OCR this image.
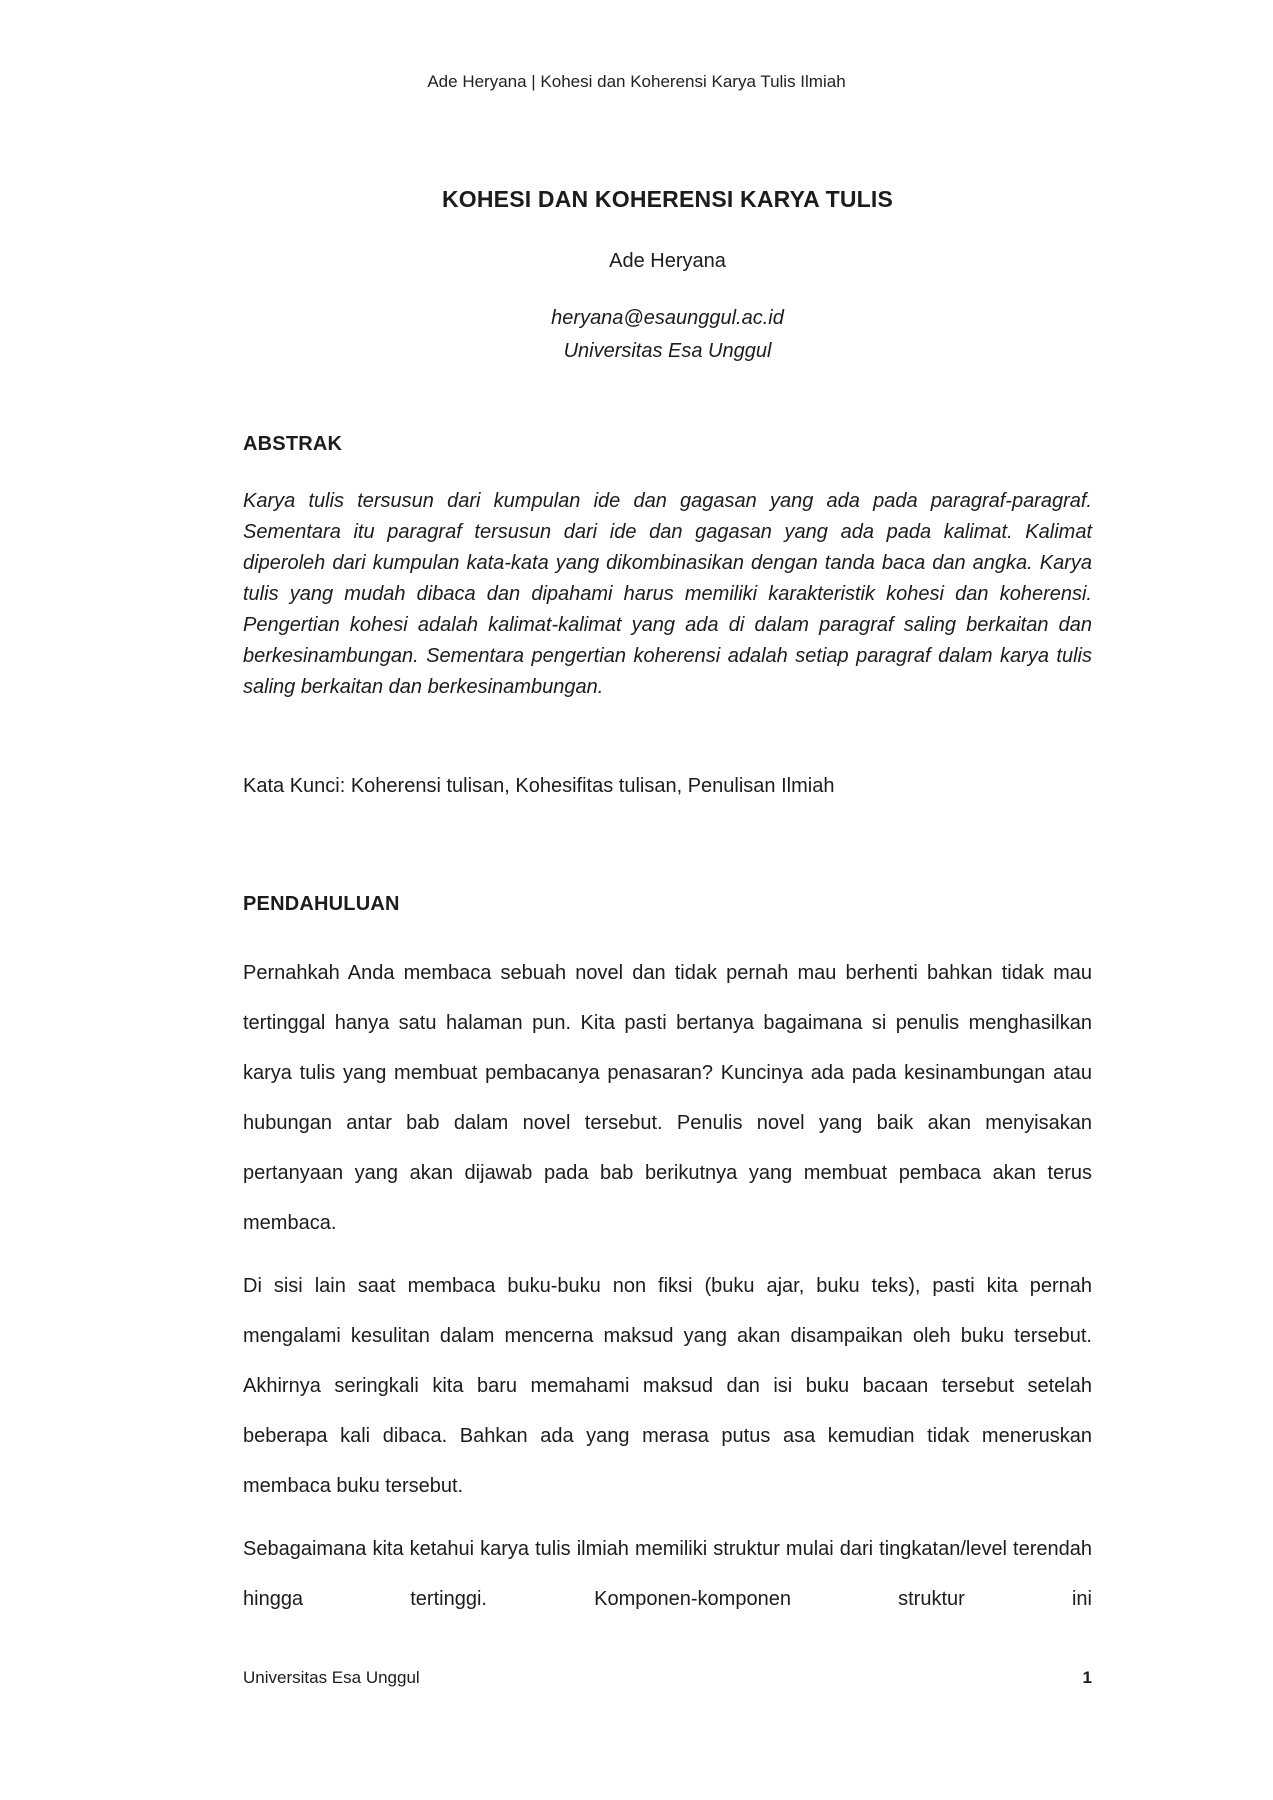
Ade Heryana | Kohesi dan Koherensi Karya Tulis Ilmiah
KOHESI DAN KOHERENSI KARYA TULIS
Ade Heryana
heryana@esaunggul.ac.id
Universitas Esa Unggul
ABSTRAK
Karya tulis tersusun dari kumpulan ide dan gagasan yang ada pada paragraf-paragraf. Sementara itu paragraf tersusun dari ide dan gagasan yang ada pada kalimat. Kalimat diperoleh dari kumpulan kata-kata yang dikombinasikan dengan tanda baca dan angka. Karya tulis yang mudah dibaca dan dipahami harus memiliki karakteristik kohesi dan koherensi. Pengertian kohesi adalah kalimat-kalimat yang ada di dalam paragraf saling berkaitan dan berkesinambungan. Sementara pengertian koherensi adalah setiap paragraf dalam karya tulis saling berkaitan dan berkesinambungan.
Kata Kunci: Koherensi tulisan, Kohesifitas tulisan, Penulisan Ilmiah
PENDAHULUAN

Pernahkah Anda membaca sebuah novel dan tidak pernah mau berhenti bahkan tidak mau tertinggal hanya satu halaman pun. Kita pasti bertanya bagaimana si penulis menghasilkan karya tulis yang membuat pembacanya penasaran? Kuncinya ada pada kesinambungan atau hubungan antar bab dalam novel tersebut. Penulis novel yang baik akan menyisakan pertanyaan yang akan dijawab pada bab berikutnya yang membuat pembaca akan terus membaca.

Di sisi lain saat membaca buku-buku non fiksi (buku ajar, buku teks), pasti kita pernah mengalami kesulitan dalam mencerna maksud yang akan disampaikan oleh buku tersebut. Akhirnya seringkali kita baru memahami maksud dan isi buku bacaan tersebut setelah beberapa kali dibaca. Bahkan ada yang merasa putus asa kemudian tidak meneruskan membaca buku tersebut.

Sebagaimana kita ketahui karya tulis ilmiah memiliki struktur mulai dari tingkatan/level terendah hingga tertinggi. Komponen-komponen struktur ini

Universitas Esa Unggul	1
